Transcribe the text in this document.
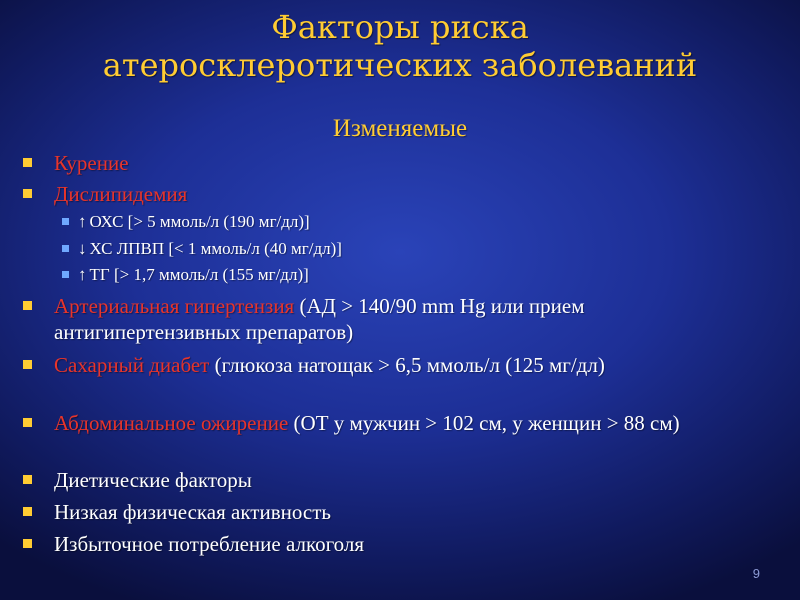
Факторы риска
атеросклеротических заболеваний
Изменяемые
Курение
Дислипидемия
↑ ОХС [> 5 ммоль/л (190 мг/дл)]
↓ ХС ЛПВП [< 1 ммоль/л (40 мг/дл)]
↑ ТГ [> 1,7 ммоль/л (155 мг/дл)]
Артериальная гипертензия (АД > 140/90 mm Hg или прием антигипертензивных препаратов)
Сахарный диабет (глюкоза натощак > 6,5 ммоль/л (125 мг/дл)
Абдоминальное ожирение (ОТ у мужчин > 102 см, у женщин > 88 см)
Диетические факторы
Низкая физическая активность
Избыточное потребление алкоголя
9
